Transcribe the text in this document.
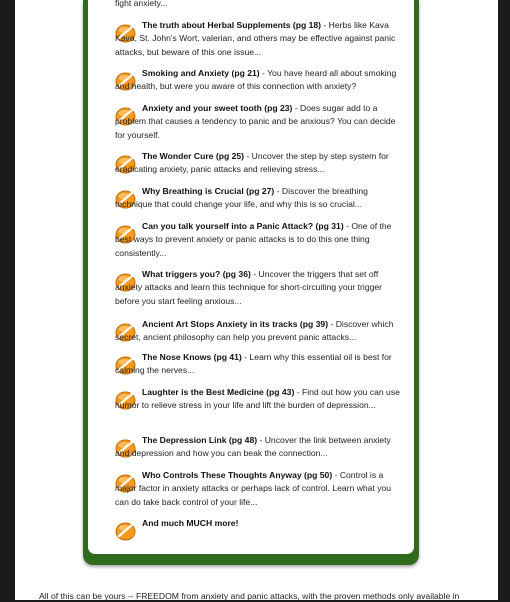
fight anxiety...
The truth about Herbal Supplements (pg 18) - Herbs like Kava Kava, St. John's Wort, valerian, and others may be effective against panic attacks, but beware of this one issue...
Smoking and Anxiety (pg 21) - You have heard all about smoking and health, but were you aware of this connection with anxiety?
Anxiety and your sweet tooth (pg 23) - Does sugar add to a problem that causes a tendency to panic and be anxious? You can decide for yourself.
The Wonder Cure (pg 25) - Uncover the step by step system for eradicating anxiety, panic attacks and relieving stress...
Why Breathing is Crucial (pg 27) - Discover the breathing technique that could change your life, and why this is so crucial...
Can you talk yourself into a Panic Attack? (pg 31) - One of the best ways to prevent anxiety or panic attacks is to do this one thing consistently...
What triggers you? (pg 36) - Uncover the triggers that set off anxiety attacks and learn this technique for short-circuiting your trigger before you start feeling anxious...
Ancient Art Stops Anxiety in its tracks (pg 39) - Discover which secret, ancient philosophy can help you prevent panic attacks...
The Nose Knows (pg 41) - Learn why this essential oil is best for calming the nerves...
Laughter is the Best Medicine (pg 43) - Find out how you can use humor to relieve stress in your life and lift the burden of depression...
The Depression Link (pg 48) - Uncover the link between anxiety and depression and how you can beak the connection...
Who Controls These Thoughts Anyway (pg 50) - Control is a major factor in anxiety attacks or perhaps lack of control. Learn what you can do take back control of your life...
And much MUCH more!
All of this can be yours -- FREEDOM from anxiety and panic attacks, with the proven methods only available in
